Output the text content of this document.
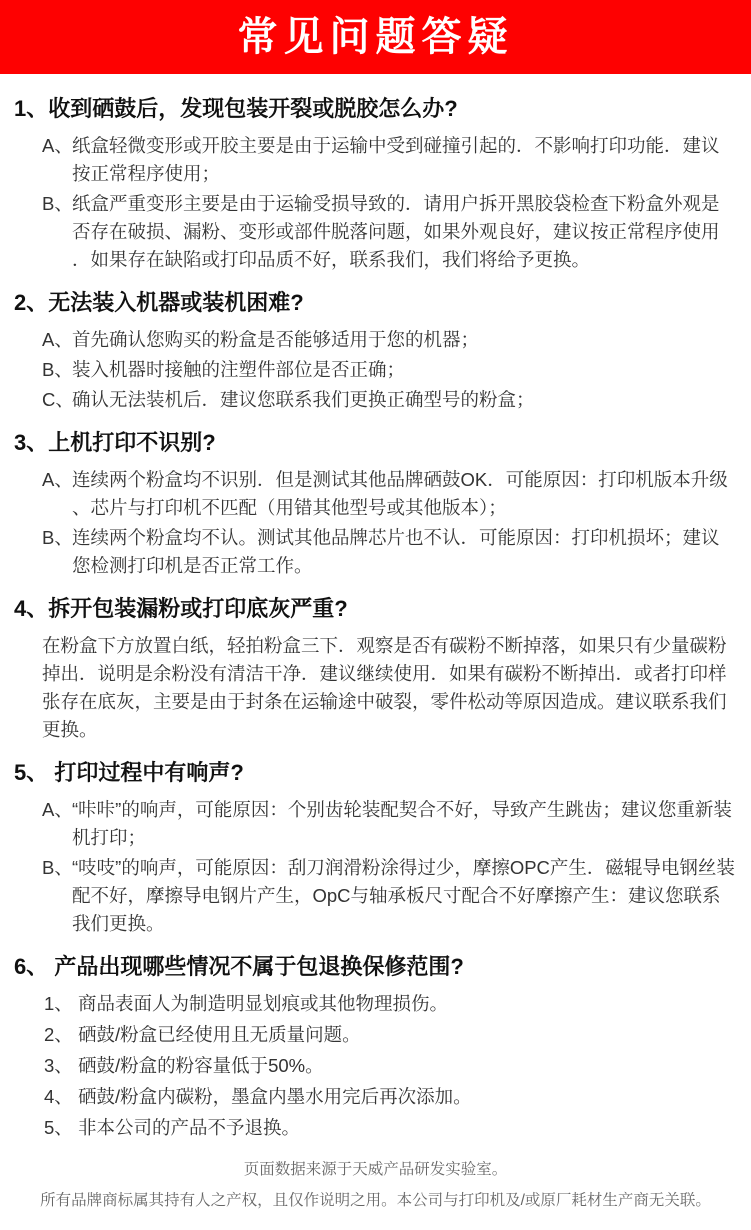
常见问题答疑
1、收到硒鼓后，发现包装开裂或脱胶怎么办?

A、 纸盒轻微变形或开胶主要是由于运输中受到碰撞引起的．不影响打印功能．建议按正常程序使用；

B、 纸盒严重变形主要是由于运输受损导致的．请用户拆开黑胶袋检查下粉盒外观是否存在破损、漏粉、变形或部件脱落问题，如果外观良好，建议按正常程序使用．如果存在缺陷或打印品质不好，联系我们，我们将给予更换。

2、无法装入机器或装机困难?

A、 首先确认您购买的粉盒是否能够适用于您的机器；

B、 装入机器时接触的注塑件部位是否正确；

C、
确认无法装机后．建议您联系我们更换正确型号的粉盒；

3、上机打印不识别?

A、 连续两个粉盒均不识别．但是测试其他品牌硒鼓OK．可能原因：打印机版本升级、芯片与打印机不匹配（用错其他型号或其他版本）；

B、 连续两个粉盒均不认。测试其他品牌芯片也不认．可能原因：打印机损坏；建议您检测打印机是否正常工作。

4、拆开包装漏粉或打印底灰严重?

在粉盒下方放置白纸，轻拍粉盒三下．观察是否有碳粉不断掉落，如果只有少量碳粉掉出．说明是余粉没有清洁干净．建议继续使用．如果有碳粉不断掉出．或者打印样张存在底灰，主要是由于封条在运输途中破裂，零件松动等原因造成。建议联系我们更换。

5、 打印过程中有响声?

A、 “咔咔”的响声，可能原因：个别齿轮装配契合不好，导致产生跳齿；建议您重新装机打印；

B、 “吱吱”的响声，可能原因：刮刀润滑粉涂得过少，摩擦OPC产生．磁辊导电钢丝装配不好，摩擦导电钢片产生，OpC与轴承板尺寸配合不好摩擦产生：建议您联系我们更换。

6、 产品出现哪些情况不属于包退换保修范围?

1、 商品表面人为制造明显划痕或其他物理损伤。

2、 硒鼓/粉盒已经使用且无质量问题。

3、 硒鼓/粉盒的粉容量低于50%。

4、 硒鼓/粉盒内碳粉，墨盒内墨水用完后再次添加。

5、 非本公司的产品不予退换。

页面数据来源于天威产品研发实验室。

所有品牌商标属其持有人之产权，且仅作说明之用。本公司与打印机及/或原厂耗材生产商无关联。
